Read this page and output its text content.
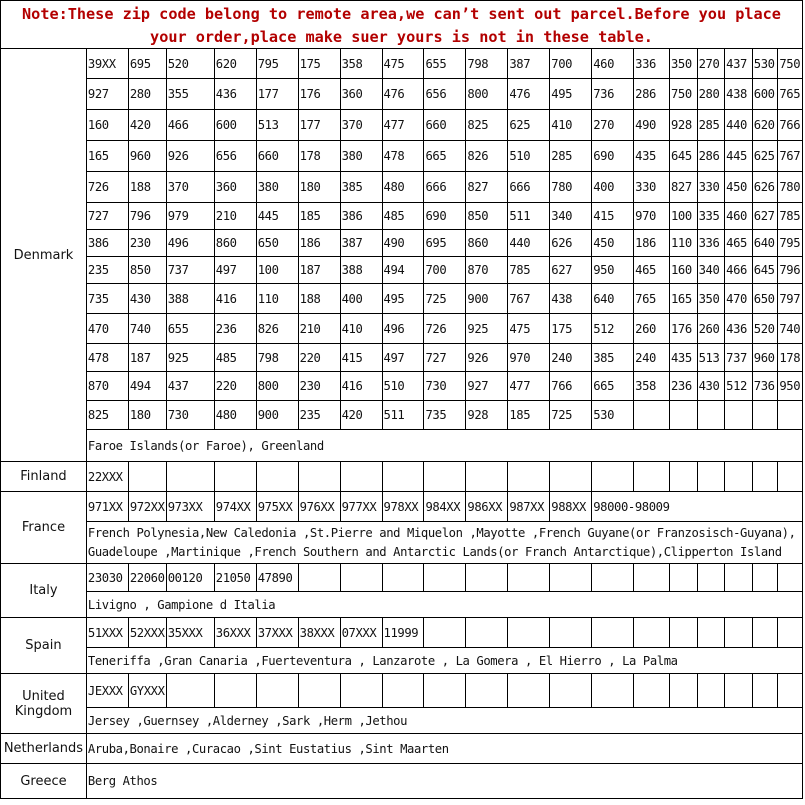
Note:These zip code belong to remote area,we can’t sent out parcel.Before you place
your order,place make suer yours is not in these table.
Denmark	39XX	695	520	620	795	175	358	475	655	798	387	700	460	336	350	270	437	530	750
	927	280	355	436	177	176	360	476	656	800	476	495	736	286	750	280	438	600	765
	160	420	466	600	513	177	370	477	660	825	625	410	270	490	928	285	440	620	766
	165	960	926	656	660	178	380	478	665	826	510	285	690	435	645	286	445	625	767
	726	188	370	360	380	180	385	480	666	827	666	780	400	330	827	330	450	626	780
	727	796	979	210	445	185	386	485	690	850	511	340	415	970	100	335	460	627	785
	386	230	496	860	650	186	387	490	695	860	440	626	450	186	110	336	465	640	795
	235	850	737	497	100	187	388	494	700	870	785	627	950	465	160	340	466	645	796
	735	430	388	416	110	188	400	495	725	900	767	438	640	765	165	350	470	650	797
	470	740	655	236	826	210	410	496	726	925	475	175	512	260	176	260	436	520	740
	478	187	925	485	798	220	415	497	727	926	970	240	385	240	435	513	737	960	178
	870	494	437	220	800	230	416	510	730	927	477	766	665	358	236	430	512	736	950
	825	180	730	480	900	235	420	511	735	928	185	725	530						
	Faroe Islands(or Faroe), Greenland																		
Finland	22XXX																		
France	971XX	972XX	973XX	974XX	975XX	976XX	977XX	978XX	984XX	986XX	987XX	988XX	98000-98009						
	French Polynesia,New Caledonia ,St.Pierre and Miquelon ,Mayotte ,French Guyane(or Franzosisch-Guyana), Guadeloupe ,Martinique ,French Southern and Antarctic Lands(or Franch Antarctique),Clipperton Island																		
Italy	23030	22060	00120	21050	47890														
	Livigno , Gampione d Italia																		
Spain	51XXX	52XXX	35XXX	36XXX	37XXX	38XXX	07XXX	11999											
	Teneriffa ,Gran Canaria ,Fuerteventura , Lanzarote , La Gomera , El Hierro , La Palma																		

United
Kingdom	JEXXX	GYXXX																	
	Jersey ,Guernsey ,Alderney ,Sark ,Herm ,Jethou																		
Netherlands	Aruba,Bonaire ,Curacao ,Sint Eustatius ,Sint Maarten																		
Greece	Berg Athos																		
